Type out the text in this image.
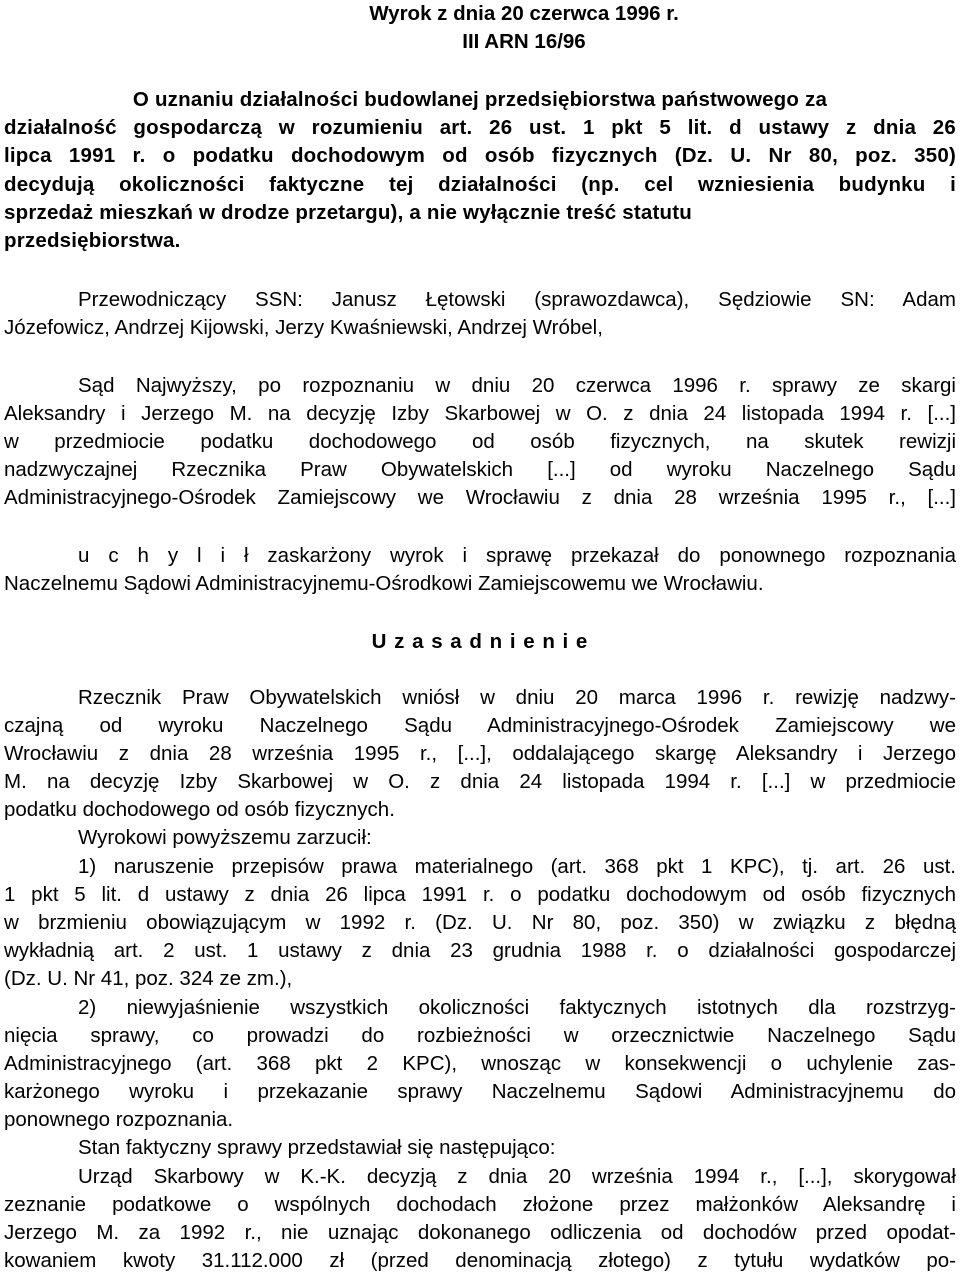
Wyrok z dnia 20 czerwca 1996 r.
III ARN 16/96
O uznaniu działalności budowlanej przedsiębiorstwa państwowego za
działalność gospodarczą w rozumieniu art. 26 ust. 1 pkt 5 lit. d ustawy z dnia 26
lipca 1991 r. o podatku dochodowym od osób fizycznych (Dz. U. Nr 80, poz. 350)
decydują okoliczności faktyczne tej działalności (np. cel wzniesienia budynku i
sprzedaż mieszkań w drodze przetargu), a nie wyłącznie treść statutu
przedsiębiorstwa.
Przewodniczący SSN: Janusz Łętowski (sprawozdawca), Sędziowie SN: Adam
Józefowicz, Andrzej Kijowski, Jerzy Kwaśniewski, Andrzej Wróbel,
Sąd Najwyższy, po rozpoznaniu w dniu 20 czerwca 1996 r. sprawy ze skargi
Aleksandry i Jerzego M. na decyzję Izby Skarbowej w O. z dnia 24 listopada 1994 r. [...]
w przedmiocie podatku dochodowego od osób fizycznych, na skutek rewizji
nadzwyczajnej Rzecznika Praw Obywatelskich [...] od wyroku Naczelnego Sądu
Administracyjnego-Ośrodek Zamiejscowy we Wrocławiu z dnia 28 września 1995 r., [...]
u c h y l i ł zaskarżony wyrok i sprawę przekazał do ponownego rozpoznania
Naczelnemu Sądowi Administracyjnemu-Ośrodkowi Zamiejscowemu we Wrocławiu.
U z a s a d n i e n i e
Rzecznik Praw Obywatelskich wniósł w dniu 20 marca 1996 r. rewizję nadzwy-
czajną od wyroku Naczelnego Sądu Administracyjnego-Ośrodek Zamiejscowy we
Wrocławiu z dnia 28 września 1995 r., [...], oddalającego skargę Aleksandry i Jerzego
M. na decyzję Izby Skarbowej w O. z dnia 24 listopada 1994 r. [...] w przedmiocie
podatku dochodowego od osób fizycznych.
Wyrokowi powyższemu zarzucił:
1) naruszenie przepisów prawa materialnego (art. 368 pkt 1 KPC), tj. art. 26 ust.
1 pkt 5 lit. d ustawy z dnia 26 lipca 1991 r. o podatku dochodowym od osób fizycznych
w brzmieniu obowiązującym w 1992 r. (Dz. U. Nr 80, poz. 350) w związku z błędną
wykładnią art. 2 ust. 1 ustawy z dnia 23 grudnia 1988 r. o działalności gospodarczej
(Dz. U. Nr 41, poz. 324 ze zm.),
2) niewyjaśnienie wszystkich okoliczności faktycznych istotnych dla rozstrzyg-
nięcia sprawy, co prowadzi do rozbieżności w orzecznictwie Naczelnego Sądu
Administracyjnego (art. 368 pkt 2 KPC), wnosząc w konsekwencji o uchylenie zas-
karżonego wyroku i przekazanie sprawy Naczelnemu Sądowi Administracyjnemu do
ponownego rozpoznania.
Stan faktyczny sprawy przedstawiał się następująco:
Urząd Skarbowy w K.-K. decyzją z dnia 20 września 1994 r., [...], skorygował
zeznanie podatkowe o wspólnych dochodach złożone przez małżonków Aleksandrę i
Jerzego M. za 1992 r., nie uznając dokonanego odliczenia od dochodów przed opodat-
kowaniem kwoty 31.112.000 zł (przed denominacją złotego) z tytułu wydatków po-
